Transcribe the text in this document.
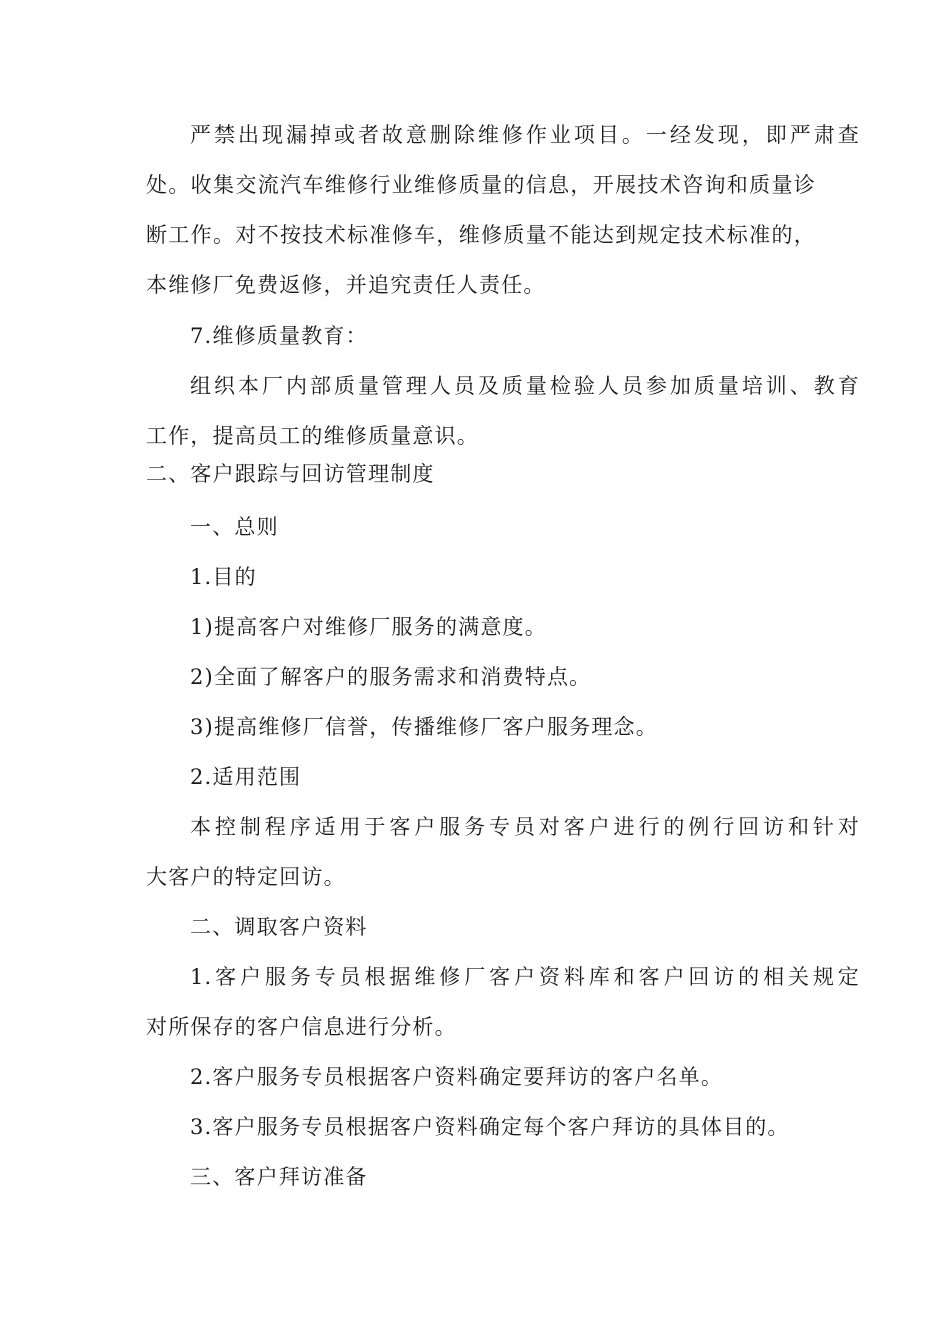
严禁出现漏掉或者故意删除维修作业项目。一经发现，即严肃查
处。收集交流汽车维修行业维修质量的信息，开展技术咨询和质量诊
断工作。对不按技术标准修车，维修质量不能达到规定技术标准的，
本维修厂免费返修，并追究责任人责任。
7.维修质量教育：
组织本厂内部质量管理人员及质量检验人员参加质量培训、教育
工作，提高员工的维修质量意识。
二、客户跟踪与回访管理制度
一、总则
1.目的
1)提高客户对维修厂服务的满意度。
2)全面了解客户的服务需求和消费特点。
3)提高维修厂信誉，传播维修厂客户服务理念。
2.适用范围
本控制程序适用于客户服务专员对客户进行的例行回访和针对
大客户的特定回访。
二、调取客户资料
1.客户服务专员根据维修厂客户资料库和客户回访的相关规定
对所保存的客户信息进行分析。
2.客户服务专员根据客户资料确定要拜访的客户名单。
3.客户服务专员根据客户资料确定每个客户拜访的具体目的。
三、客户拜访准备
